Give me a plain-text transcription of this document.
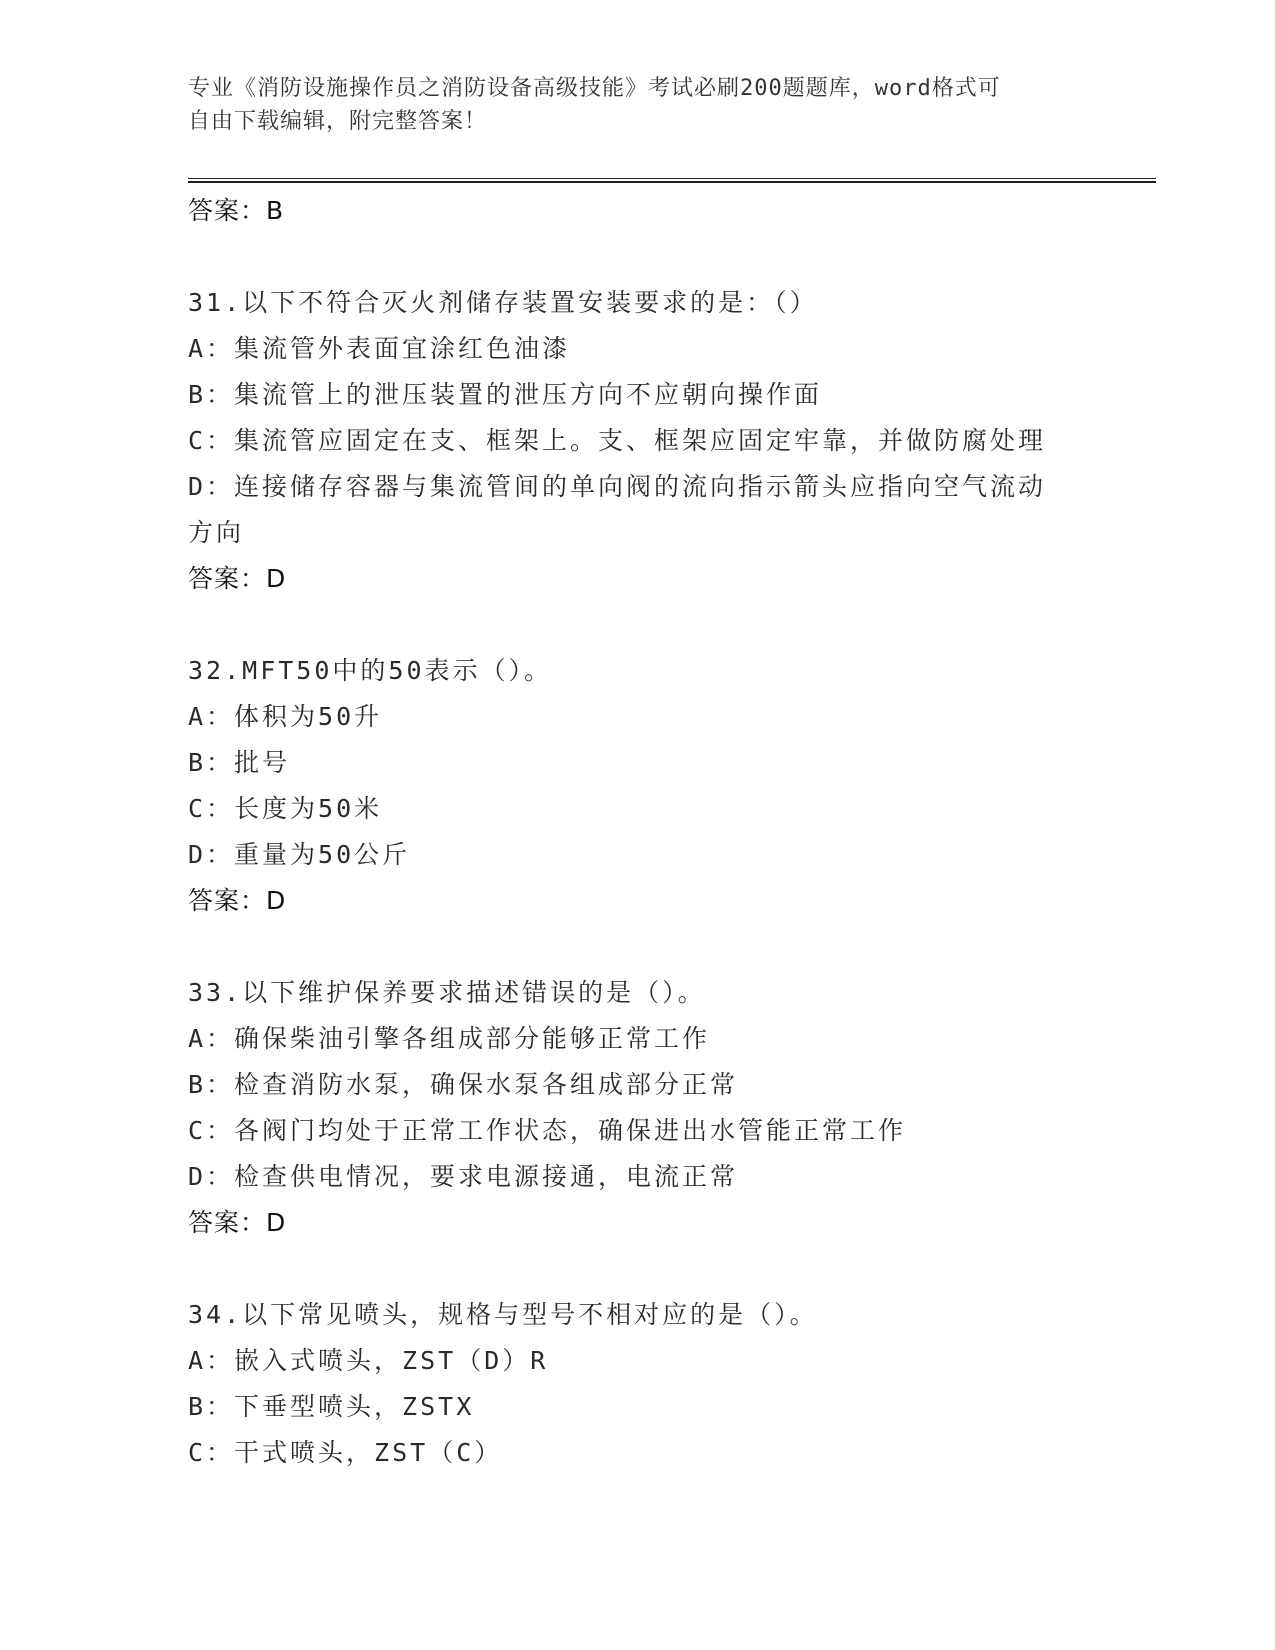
专业《消防设施操作员之消防设备高级技能》考试必刷200题题库，word格式可
自由下载编辑，附完整答案！
答案：B
31.以下不符合灭火剂储存装置安装要求的是：（）
A：集流管外表面宜涂红色油漆
B：集流管上的泄压装置的泄压方向不应朝向操作面
C：集流管应固定在支、框架上。支、框架应固定牢靠，并做防腐处理
D：连接储存容器与集流管间的单向阀的流向指示箭头应指向空气流动
方向
答案：D
32.MFT50中的50表示（）。
A：体积为50升
B：批号
C：长度为50米
D：重量为50公斤
答案：D
33.以下维护保养要求描述错误的是（）。
A：确保柴油引擎各组成部分能够正常工作
B：检查消防水泵，确保水泵各组成部分正常
C：各阀门均处于正常工作状态，确保进出水管能正常工作
D：检查供电情况，要求电源接通，电流正常
答案：D
34.以下常见喷头，规格与型号不相对应的是（）。
A：嵌入式喷头，ZST（D）R
B：下垂型喷头，ZSTX
C：干式喷头，ZST（C）
